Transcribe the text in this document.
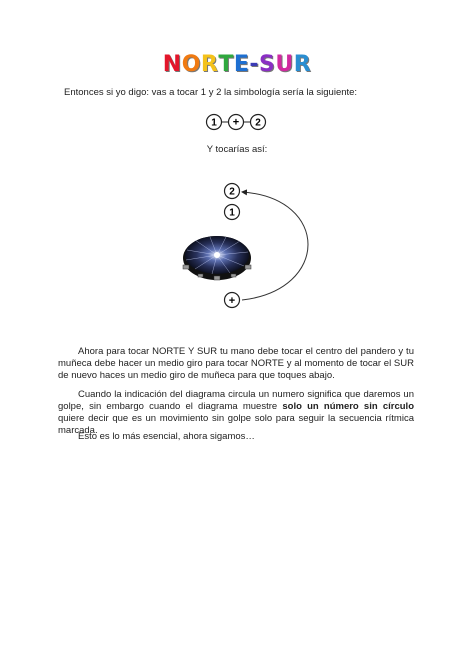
NORTE-SUR
Entonces si yo digo: vas a tocar 1 y 2 la simbología sería la siguiente:
1 + 2
Y tocarías así:
2
1
+

Ahora para tocar NORTE Y SUR tu mano debe tocar el centro del pandero y tu muñeca debe hacer un medio giro para tocar NORTE y al momento de tocar el SUR de nuevo haces un medio giro de muñeca para que toques abajo.

Cuando la indicación del diagrama circula un numero significa que daremos un golpe, sin embargo cuando el diagrama muestre solo un número sin círculo quiere decir que es un movimiento sin golpe solo para seguir la secuencia rítmica marcada.

Esto es lo más esencial, ahora sigamos…
